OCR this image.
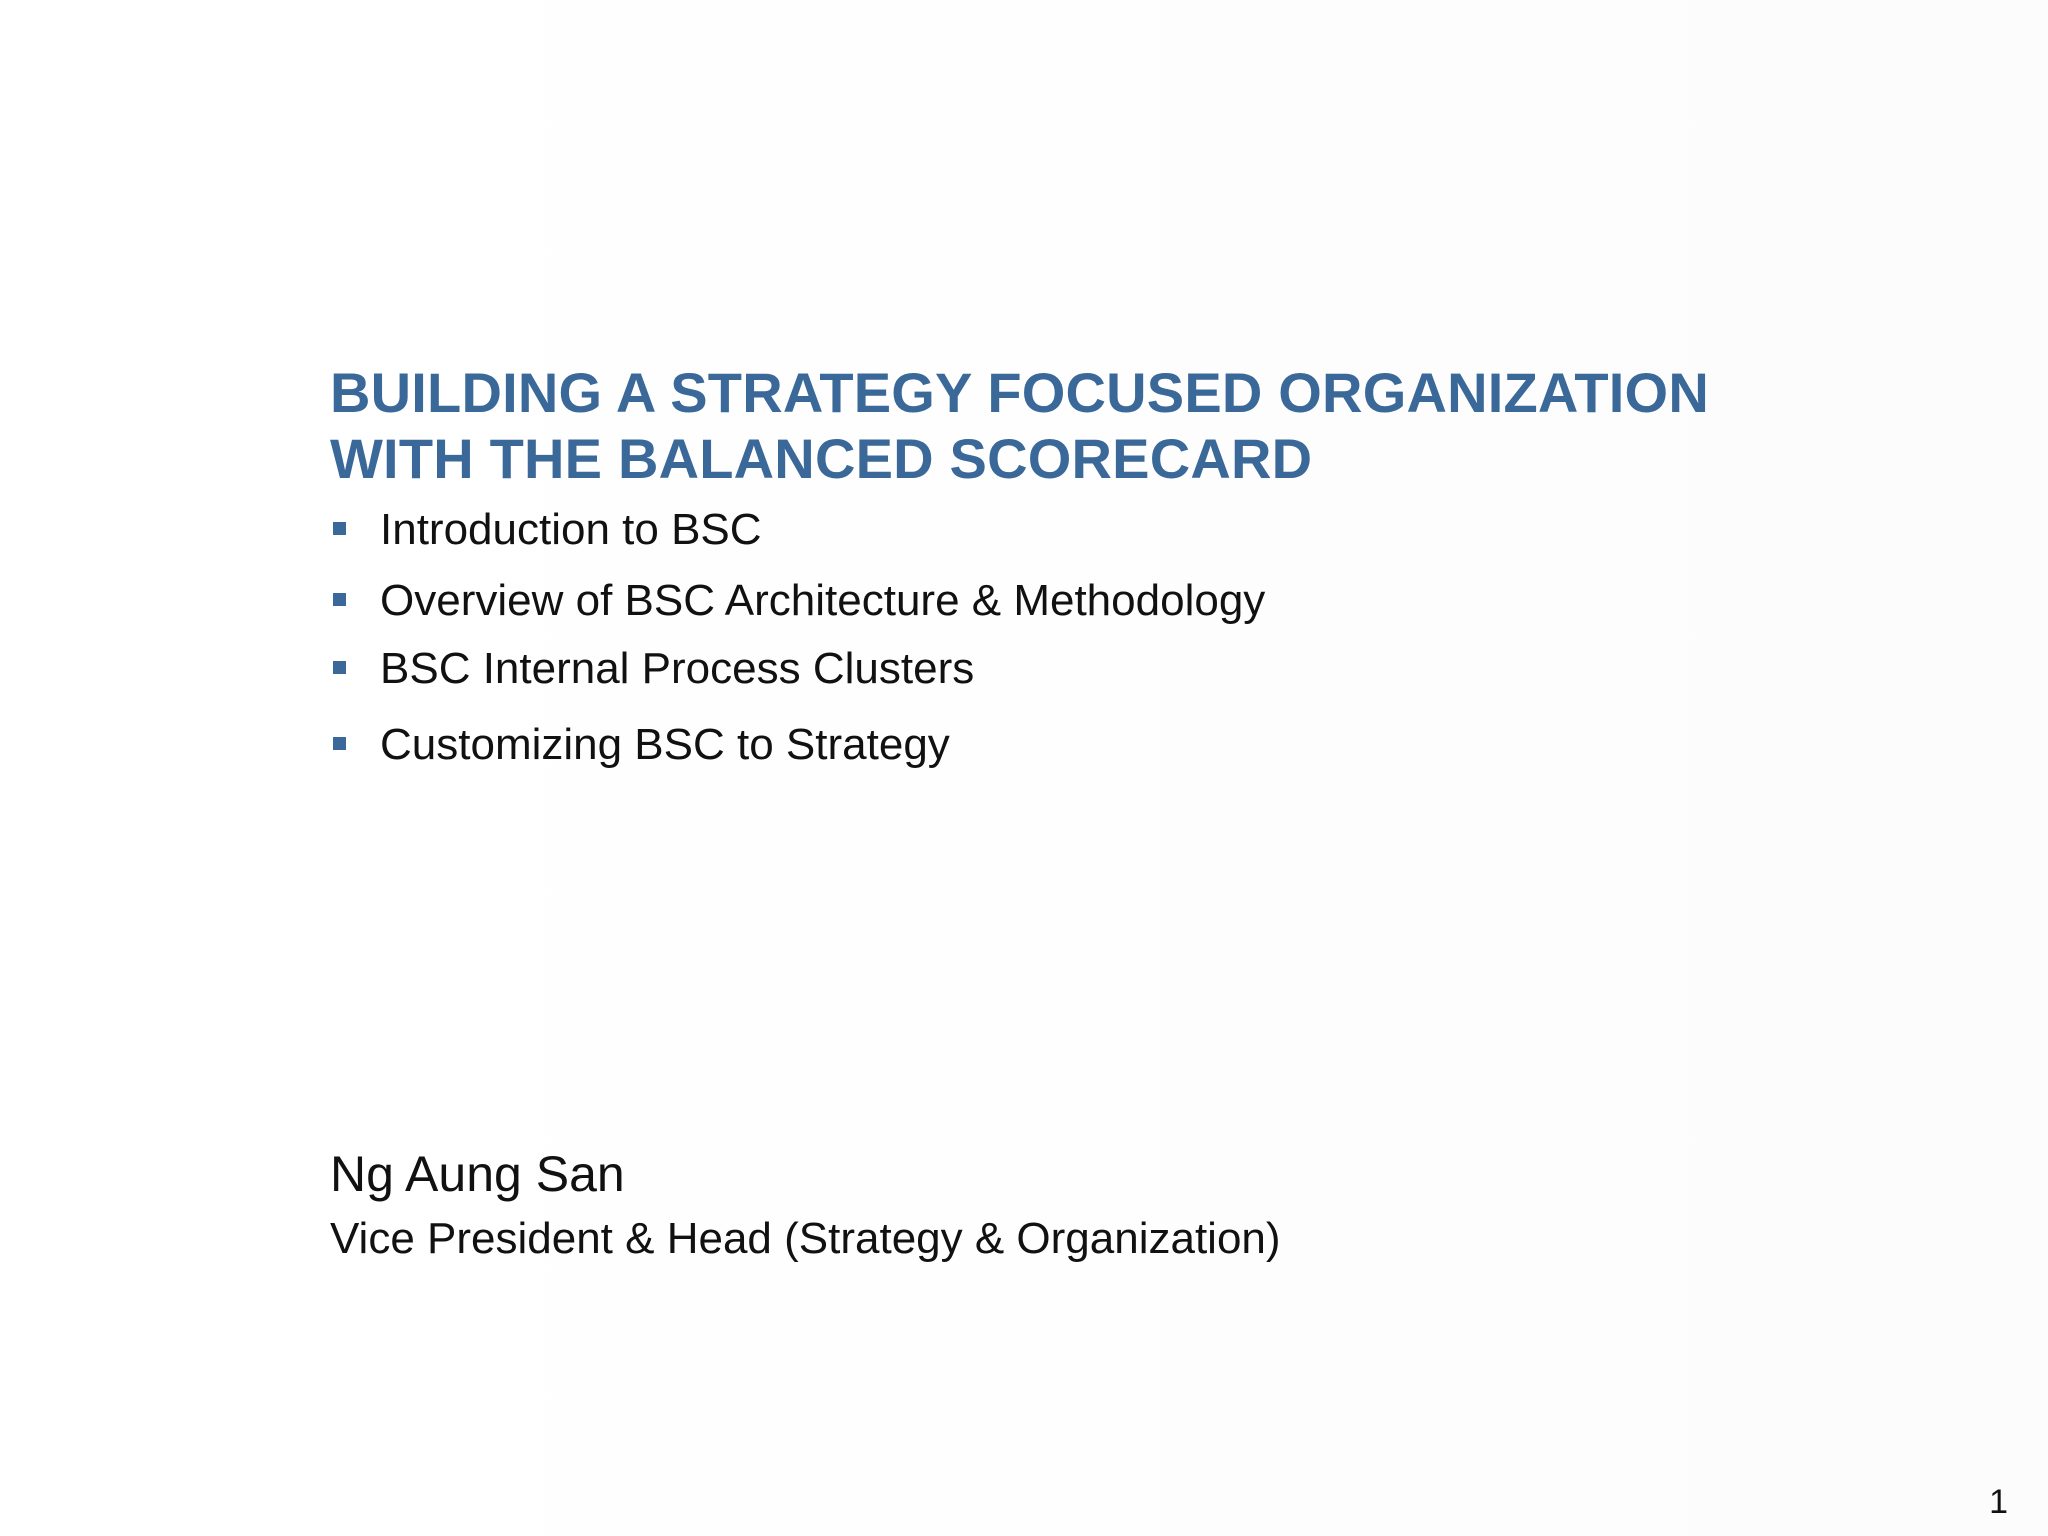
BUILDING A STRATEGY FOCUSED ORGANIZATION
WITH THE BALANCED SCORECARD
Introduction to BSC
Overview of BSC Architecture & Methodology
BSC Internal Process Clusters
Customizing BSC to Strategy

Ng Aung San

Vice President & Head (Strategy & Organization)

1
